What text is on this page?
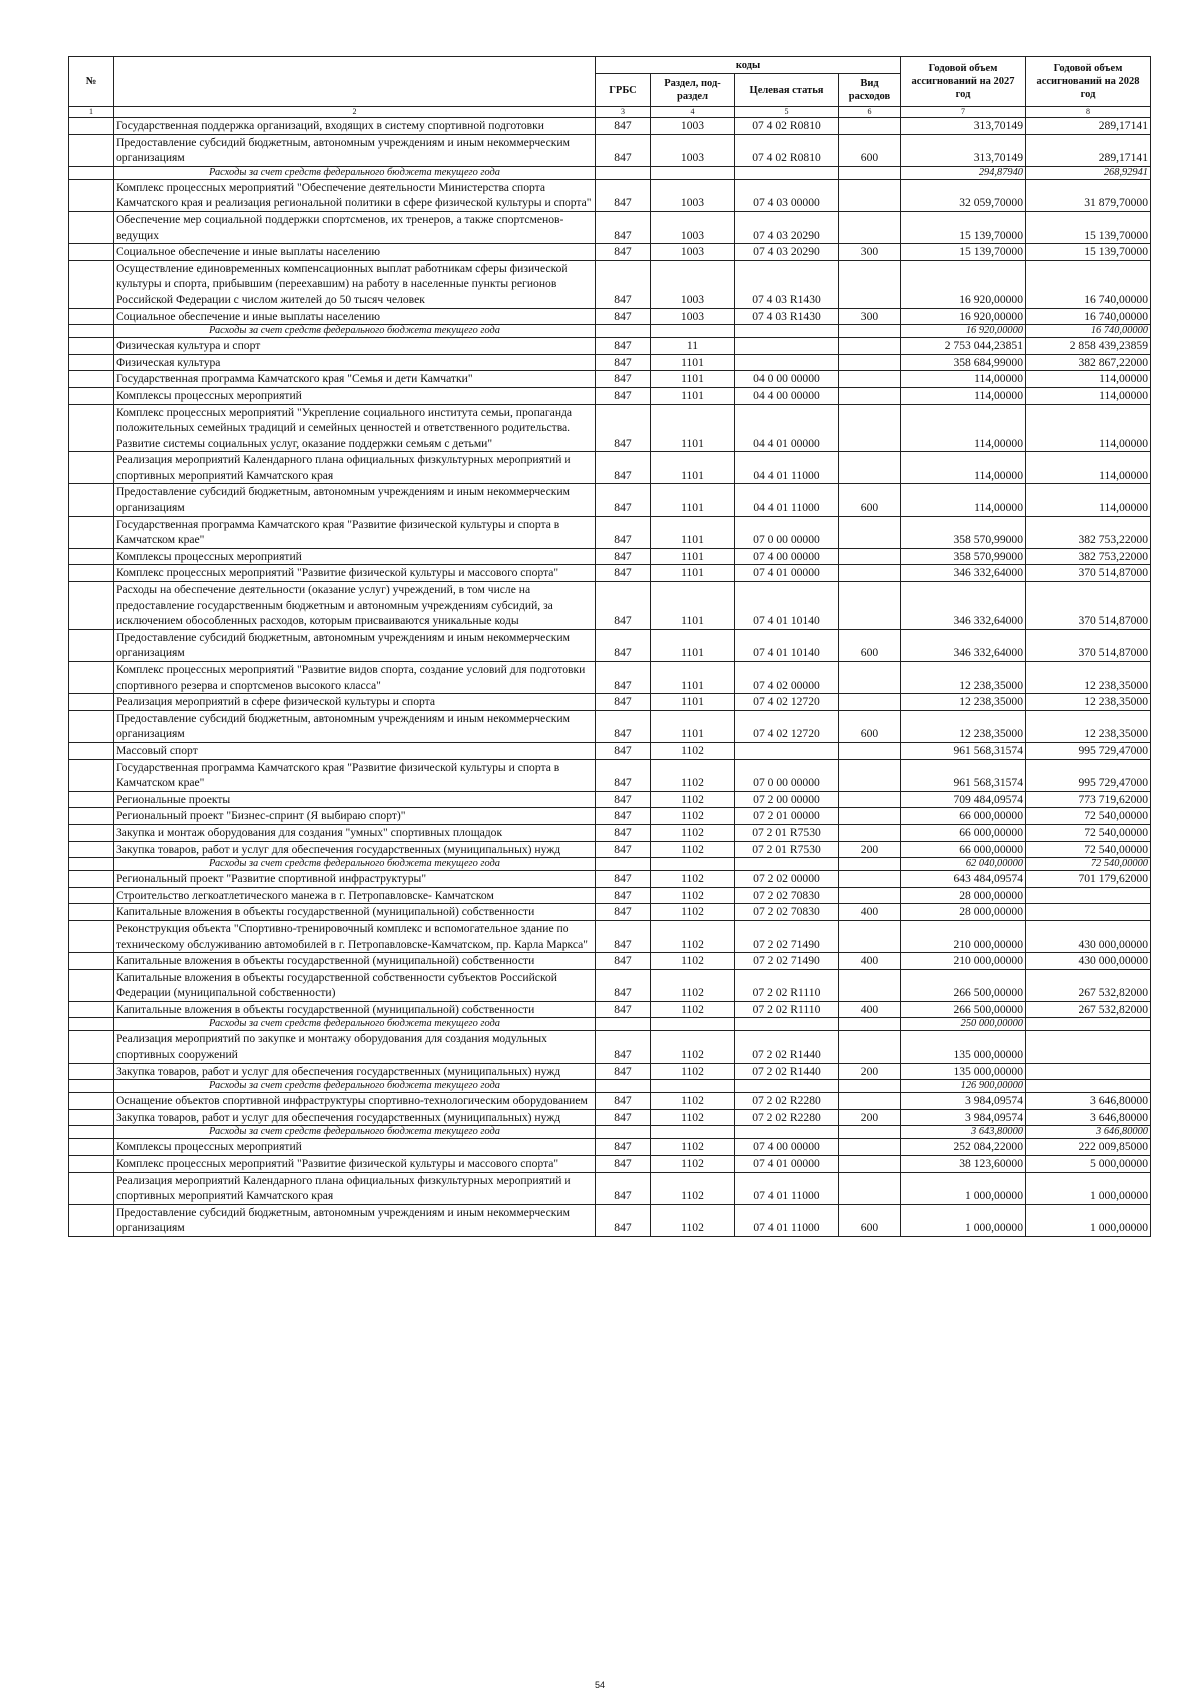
№		коды				Годовой объем ассигнований на 2027 год	Годовой объем ассигнований на 2028 год
		ГРБС	Раздел, под-раздел	Целевая статья	Вид расходов		
1	2	3	4	5	6	7	8
	Государственная поддержка организаций, входящих в систему спортивной подготовки	847	1003	07 4 02 R0810		313,70149	289,17141
	Предоставление субсидий бюджетным, автономным учреждениям и иным некоммерческим организациям	847	1003	07 4 02 R0810	600	313,70149	289,17141
	Расходы за счет средств федерального бюджета текущего года					294,87940	268,92941
	Комплекс процессных мероприятий "Обеспечение деятельности Министерства спорта Камчатского края и реализация региональной политики в сфере физической культуры и спорта"	847	1003	07 4 03 00000		32 059,70000	31 879,70000
	Обеспечение мер социальной поддержки спортсменов, их тренеров, а также спортсменов-ведущих	847	1003	07 4 03 20290		15 139,70000	15 139,70000
	Социальное обеспечение и иные выплаты населению	847	1003	07 4 03 20290	300	15 139,70000	15 139,70000
	Осуществление единовременных компенсационных выплат работникам сферы физической культуры и спорта, прибывшим (переехавшим) на работу в населенные пункты регионов Российской Федерации с числом жителей до 50 тысяч человек	847	1003	07 4 03 R1430		16 920,00000	16 740,00000
	Социальное обеспечение и иные выплаты населению	847	1003	07 4 03 R1430	300	16 920,00000	16 740,00000
	Расходы за счет средств федерального бюджета текущего года					16 920,00000	16 740,00000
	Физическая культура и спорт	847	11			2 753 044,23851	2 858 439,23859
	Физическая культура	847	1101			358 684,99000	382 867,22000
	Государственная программа Камчатского края "Семья и дети Камчатки"	847	1101	04 0 00 00000		114,00000	114,00000
	Комплексы процессных мероприятий	847	1101	04 4 00 00000		114,00000	114,00000
	Комплекс процессных мероприятий "Укрепление социального института семьи, пропаганда положительных семейных традиций и семейных ценностей и ответственного родительства. Развитие системы социальных услуг, оказание поддержки семьям с детьми"	847	1101	04 4 01 00000		114,00000	114,00000
	Реализация мероприятий Календарного плана официальных физкультурных мероприятий и спортивных мероприятий Камчатского края	847	1101	04 4 01 11000		114,00000	114,00000
	Предоставление субсидий бюджетным, автономным учреждениям и иным некоммерческим организациям	847	1101	04 4 01 11000	600	114,00000	114,00000
	Государственная программа Камчатского края "Развитие физической культуры и спорта в Камчатском крае"	847	1101	07 0 00 00000		358 570,99000	382 753,22000
	Комплексы процессных мероприятий	847	1101	07 4 00 00000		358 570,99000	382 753,22000
	Комплекс процессных мероприятий "Развитие физической культуры и массового спорта"	847	1101	07 4 01 00000		346 332,64000	370 514,87000
	Расходы на обеспечение деятельности (оказание услуг) учреждений, в том числе на предоставление государственным бюджетным и автономным учреждениям субсидий, за исключением обособленных расходов, которым присваиваются уникальные коды	847	1101	07 4 01 10140		346 332,64000	370 514,87000
	Предоставление субсидий бюджетным, автономным учреждениям и иным некоммерческим организациям	847	1101	07 4 01 10140	600	346 332,64000	370 514,87000
	Комплекс процессных мероприятий "Развитие видов спорта, создание условий для подготовки спортивного резерва и спортсменов высокого класса"	847	1101	07 4 02 00000		12 238,35000	12 238,35000
	Реализация мероприятий в сфере физической культуры и спорта	847	1101	07 4 02 12720		12 238,35000	12 238,35000
	Предоставление субсидий бюджетным, автономным учреждениям и иным некоммерческим организациям	847	1101	07 4 02 12720	600	12 238,35000	12 238,35000
	Массовый спорт	847	1102			961 568,31574	995 729,47000
	Государственная программа Камчатского края "Развитие физической культуры и спорта в Камчатском крае"	847	1102	07 0 00 00000		961 568,31574	995 729,47000
	Региональные проекты	847	1102	07 2 00 00000		709 484,09574	773 719,62000
	Региональный проект "Бизнес-спринт (Я выбираю спорт)"	847	1102	07 2 01 00000		66 000,00000	72 540,00000
	Закупка и монтаж оборудования для создания "умных" спортивных площадок	847	1102	07 2 01 R7530		66 000,00000	72 540,00000
	Закупка товаров, работ и услуг для обеспечения государственных (муниципальных) нужд	847	1102	07 2 01 R7530	200	66 000,00000	72 540,00000
	Расходы за счет средств федерального бюджета текущего года					62 040,00000	72 540,00000
	Региональный проект "Развитие спортивной инфраструктуры"	847	1102	07 2 02 00000		643 484,09574	701 179,62000
	Строительство легкоатлетического манежа в г. Петропавловске- Камчатском	847	1102	07 2 02 70830		28 000,00000	
	Капитальные вложения в объекты государственной (муниципальной) собственности	847	1102	07 2 02 70830	400	28 000,00000	
	Реконструкция объекта "Спортивно-тренировочный комплекс и вспомогательное здание по техническому обслуживанию автомобилей в г. Петропавловске-Камчатском, пр. Карла Маркса"	847	1102	07 2 02 71490		210 000,00000	430 000,00000
	Капитальные вложения в объекты государственной (муниципальной) собственности	847	1102	07 2 02 71490	400	210 000,00000	430 000,00000
	Капитальные вложения в объекты государственной собственности субъектов Российской Федерации (муниципальной собственности)	847	1102	07 2 02 R1110		266 500,00000	267 532,82000
	Капитальные вложения в объекты государственной (муниципальной) собственности	847	1102	07 2 02 R1110	400	266 500,00000	267 532,82000
	Расходы за счет средств федерального бюджета текущего года					250 000,00000	
	Реализация мероприятий по закупке и монтажу оборудования для создания модульных спортивных сооружений	847	1102	07 2 02 R1440		135 000,00000	
	Закупка товаров, работ и услуг для обеспечения государственных (муниципальных) нужд	847	1102	07 2 02 R1440	200	135 000,00000	
	Расходы за счет средств федерального бюджета текущего года					126 900,00000	
	Оснащение объектов спортивной инфраструктуры спортивно-технологическим оборудованием	847	1102	07 2 02 R2280		3 984,09574	3 646,80000
	Закупка товаров, работ и услуг для обеспечения государственных (муниципальных) нужд	847	1102	07 2 02 R2280	200	3 984,09574	3 646,80000
	Расходы за счет средств федерального бюджета текущего года					3 643,80000	3 646,80000
	Комплексы процессных мероприятий	847	1102	07 4 00 00000		252 084,22000	222 009,85000
	Комплекс процессных мероприятий "Развитие физической культуры и массового спорта"	847	1102	07 4 01 00000		38 123,60000	5 000,00000
	Реализация мероприятий Календарного плана официальных физкультурных мероприятий и спортивных мероприятий Камчатского края	847	1102	07 4 01 11000		1 000,00000	1 000,00000
	Предоставление субсидий бюджетным, автономным учреждениям и иным некоммерческим организациям	847	1102	07 4 01 11000	600	1 000,00000	1 000,00000
54
